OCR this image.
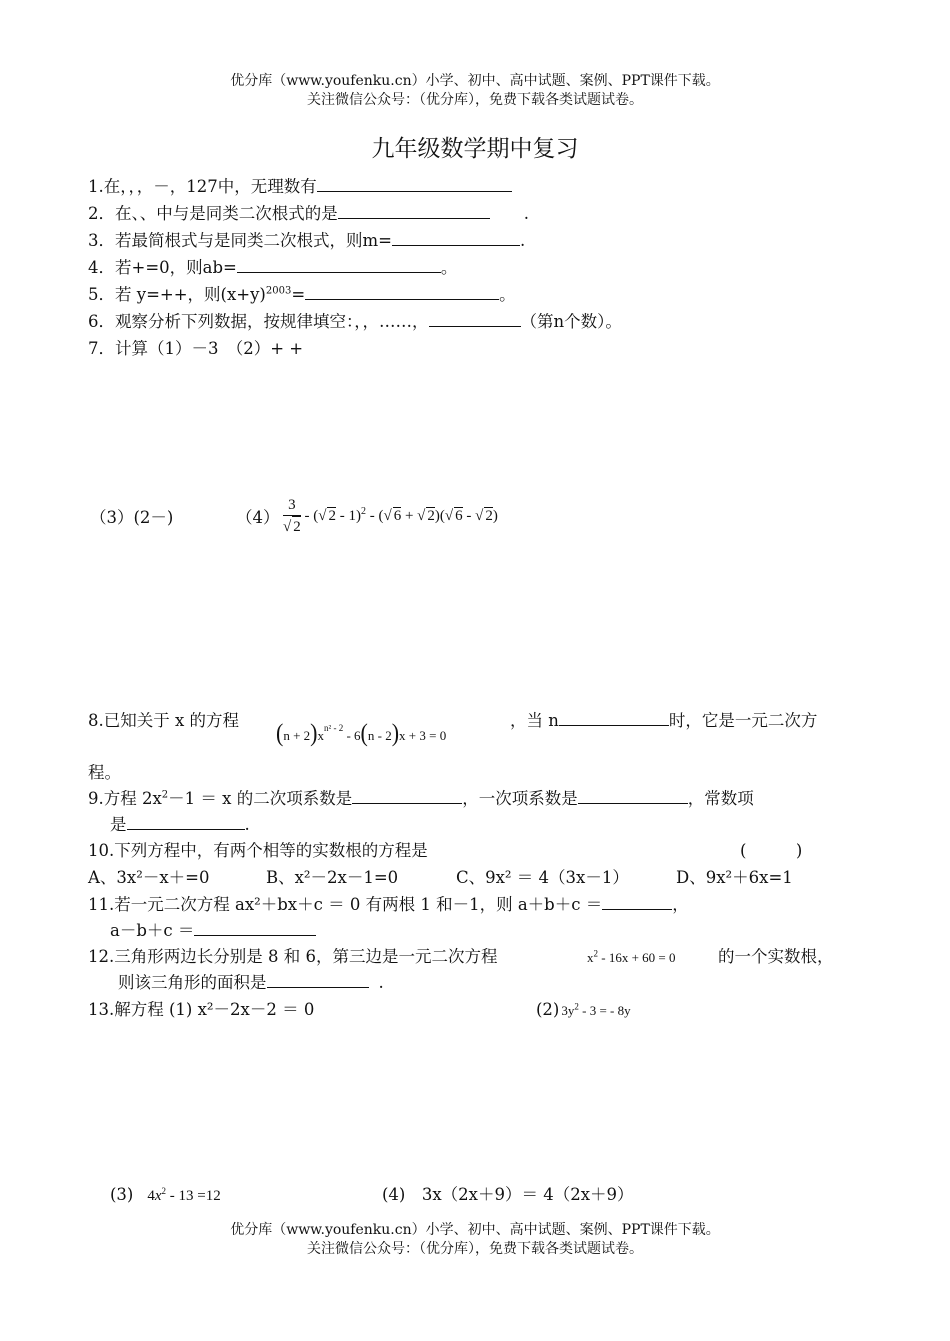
优分库（www.youfenku.cn）小学、初中、高中试题、案例、PPT课件下载。
关注微信公众号：（优分库），免费下载各类试题试卷。
九年级数学期中复习
1.在，，，－，127中，无理数有
2．在、、中与是同类二次根式的是	.
3．若最简根式与是同类二次根式，则m=	.
4．若+=0，则ab=	。
5．若 y=++，则$(x+y)^{2003}=$	。
6．观察分析下列数据，按规律填空：，，……，	（第n个数）。
7．计算（1）－3　（2）+ +
（3）(2－)	$(4) \frac{3}{√ 2}$ - (√ 2 - 1)$^2$ - (√ 6 + √ 2)(√ 6 - √ 2)
8.已知关于 x 的方程 $(n + 2)x^{n^2 - 2} - 6(n - 2)x + 3 = 0$
，当 n	时，它是一元二次方
程。
9.方程 $2x^2-1 = x$ 的二次项系数是	，一次项系数是	，常数项
是	.
10.下列方程中，有两个相等的实数根的方程是	(　　　)
A、3x²－x＋=0	B、x²－2x－1=0	C、9x² ＝ 4（3x－1）	D、9x²＋6x=1
11.若一元二次方程 ax²＋bx＋c ＝ 0 有两根 1 和－1，则 a＋b＋c ＝	，
a－b＋c ＝
12.三角形两边长分别是 8 和 6，第三边是一元二次方程	$x^2 - 16x + 60 = 0$	的一个实数根，
则该三角形的面积是	.
13.解方程 (1) x²－2x－2 ＝ 0	(2) $3y^2 - 3$ = - 8y
(3) $4x^2 - 13 =12$	(4)　3x（2x＋9）＝ 4（2x＋9）
优分库（www.youfenku.cn）小学、初中、高中试题、案例、PPT课件下载。
关注微信公众号：（优分库），免费下载各类试题试卷。
